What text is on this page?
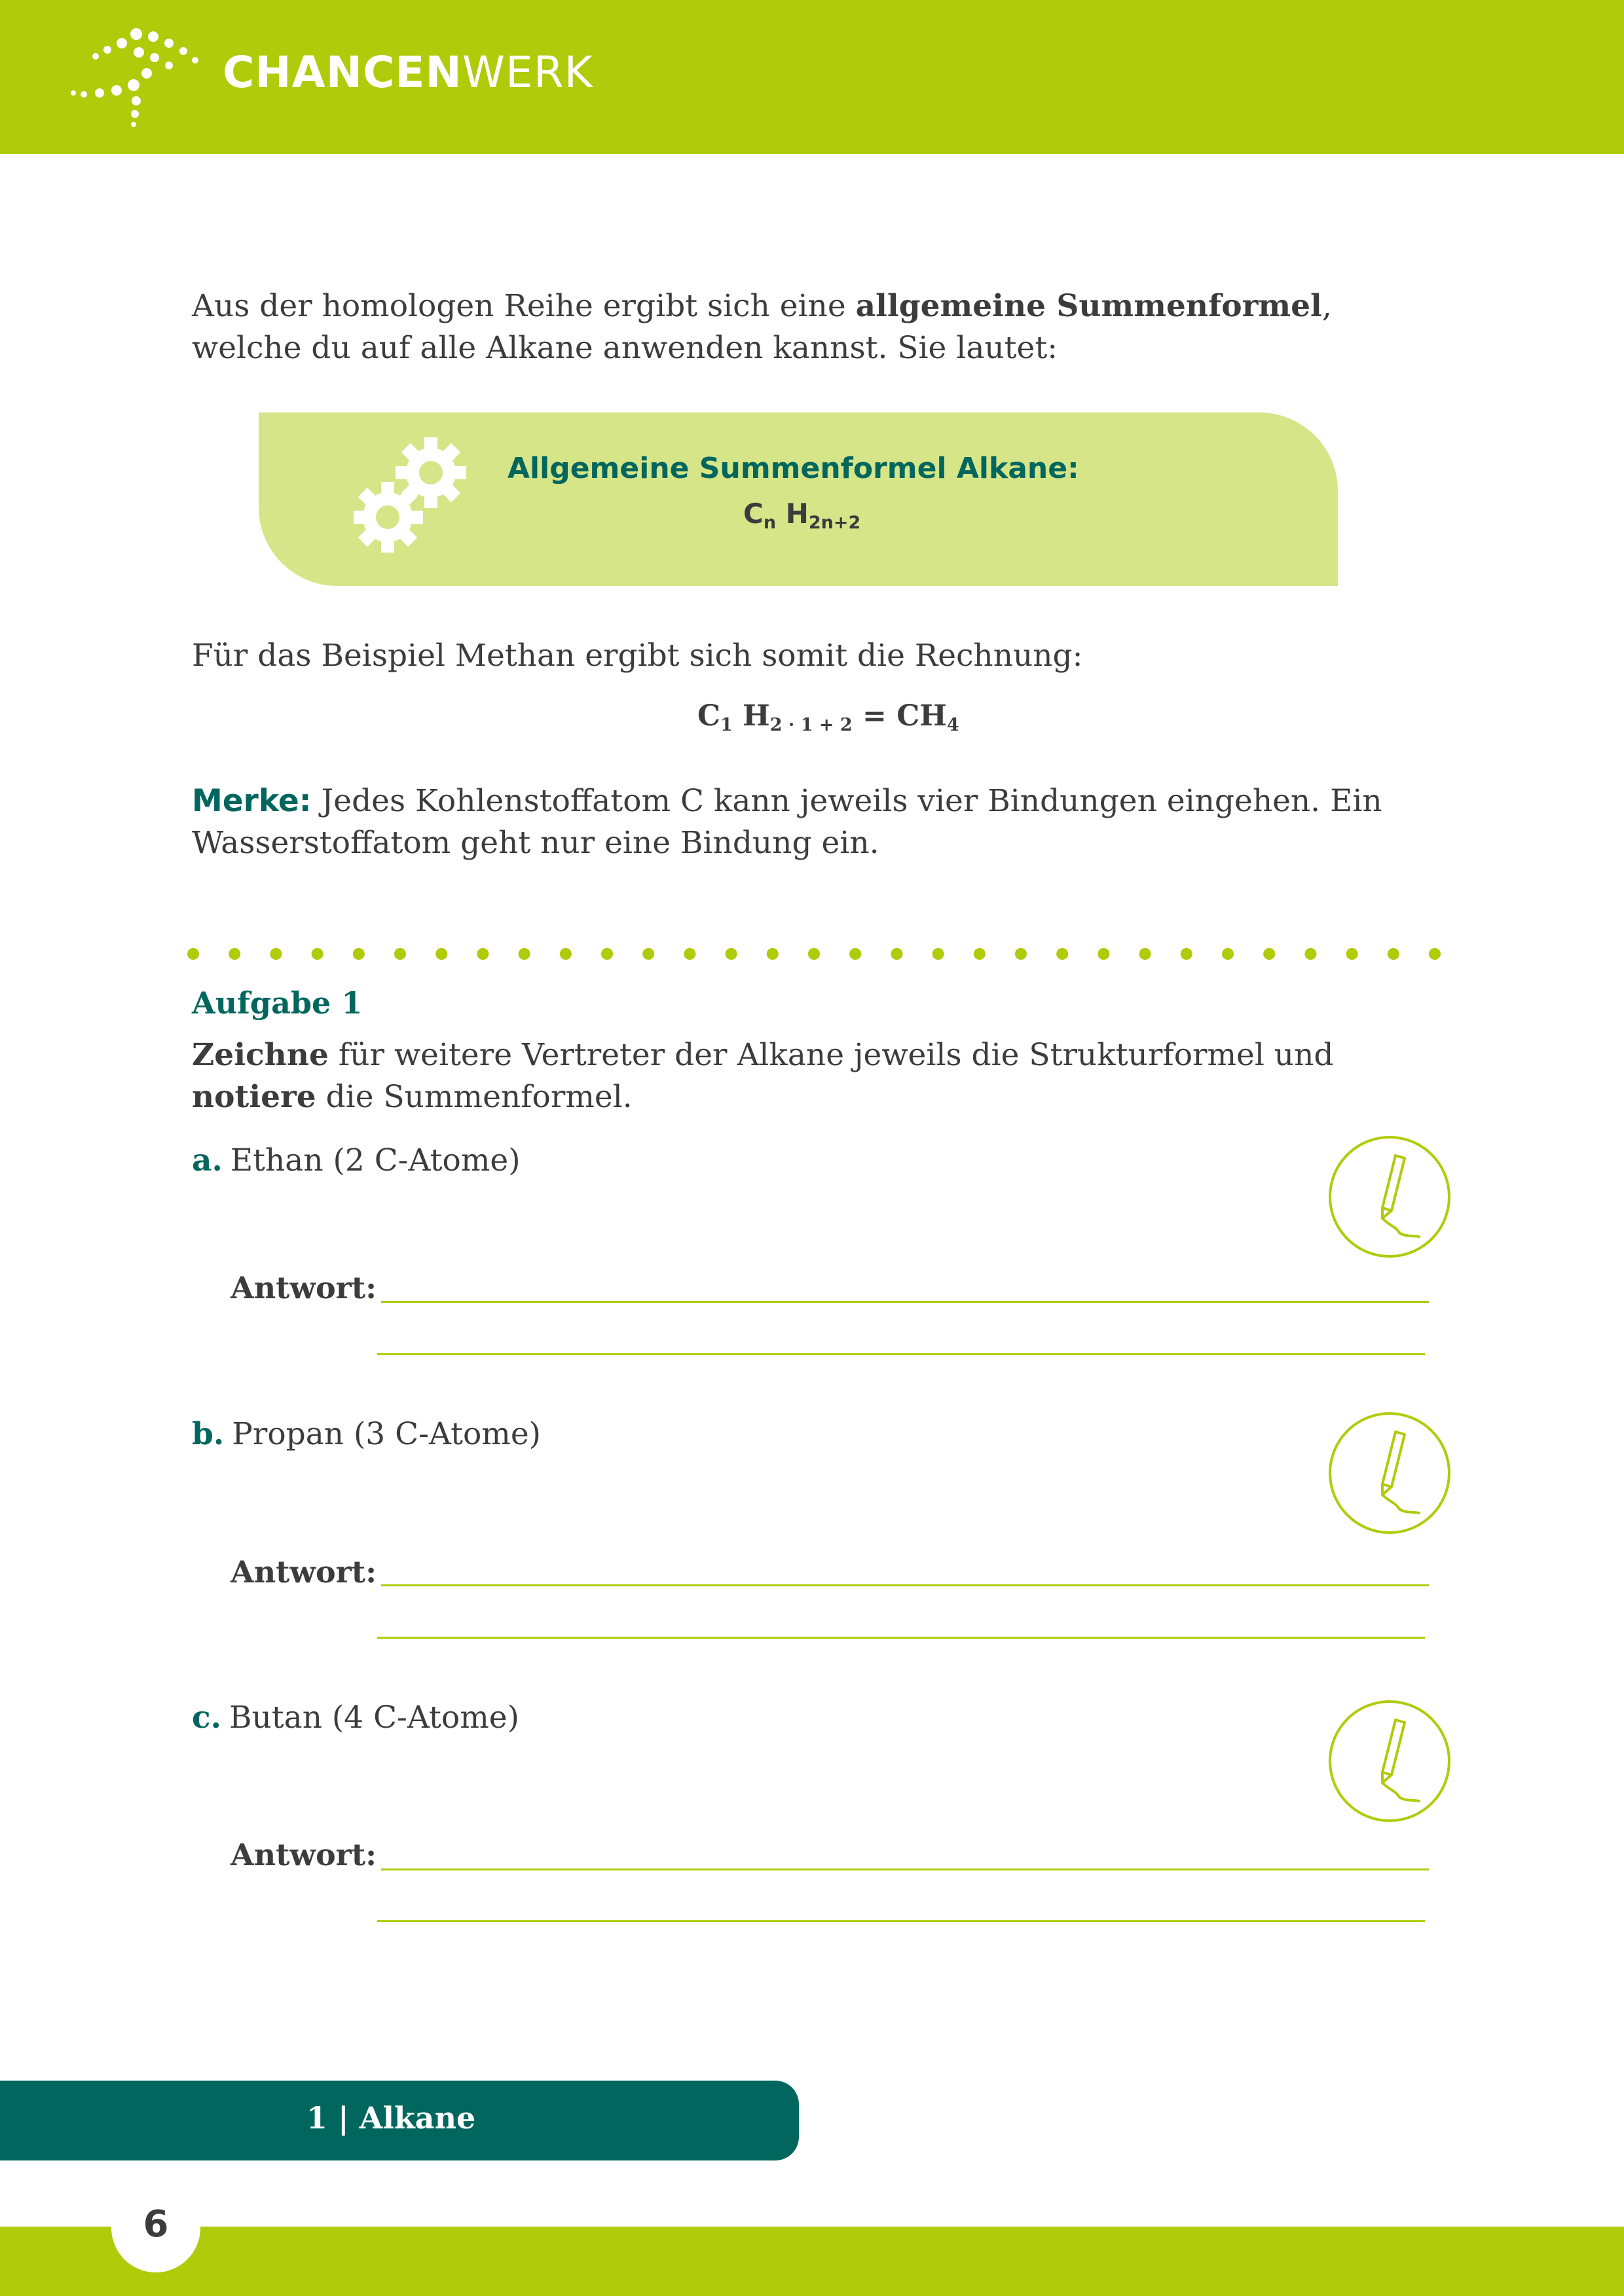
CHANCENWERK

Aus der homologen Reihe ergibt sich eine allgemeine Summenformel, welche du auf alle Alkane anwenden kannst. Sie lautet:

Allgemeine Summenformel Alkane:
$C_n$ $H_{2n+2}$

Für das Beispiel Methan ergibt sich somit die Rechnung:

$C_1$ $H_{2 \cdot 1 + 2} = CH_4$

Merke: Jedes Kohlenstoffatom C kann jeweils vier Bindungen eingehen. Ein Wasserstoffatom geht nur eine Bindung ein.

Aufgabe 1

Zeichne für weitere Vertreter der Alkane jeweils die Strukturformel und notiere die Summenformel.

a. Ethan (2 C-Atome)
Antwort:
b. Propan (3 C-Atome)
Antwort:
c. Butan (4 C-Atome)
Antwort:
1 | Alkane
6
